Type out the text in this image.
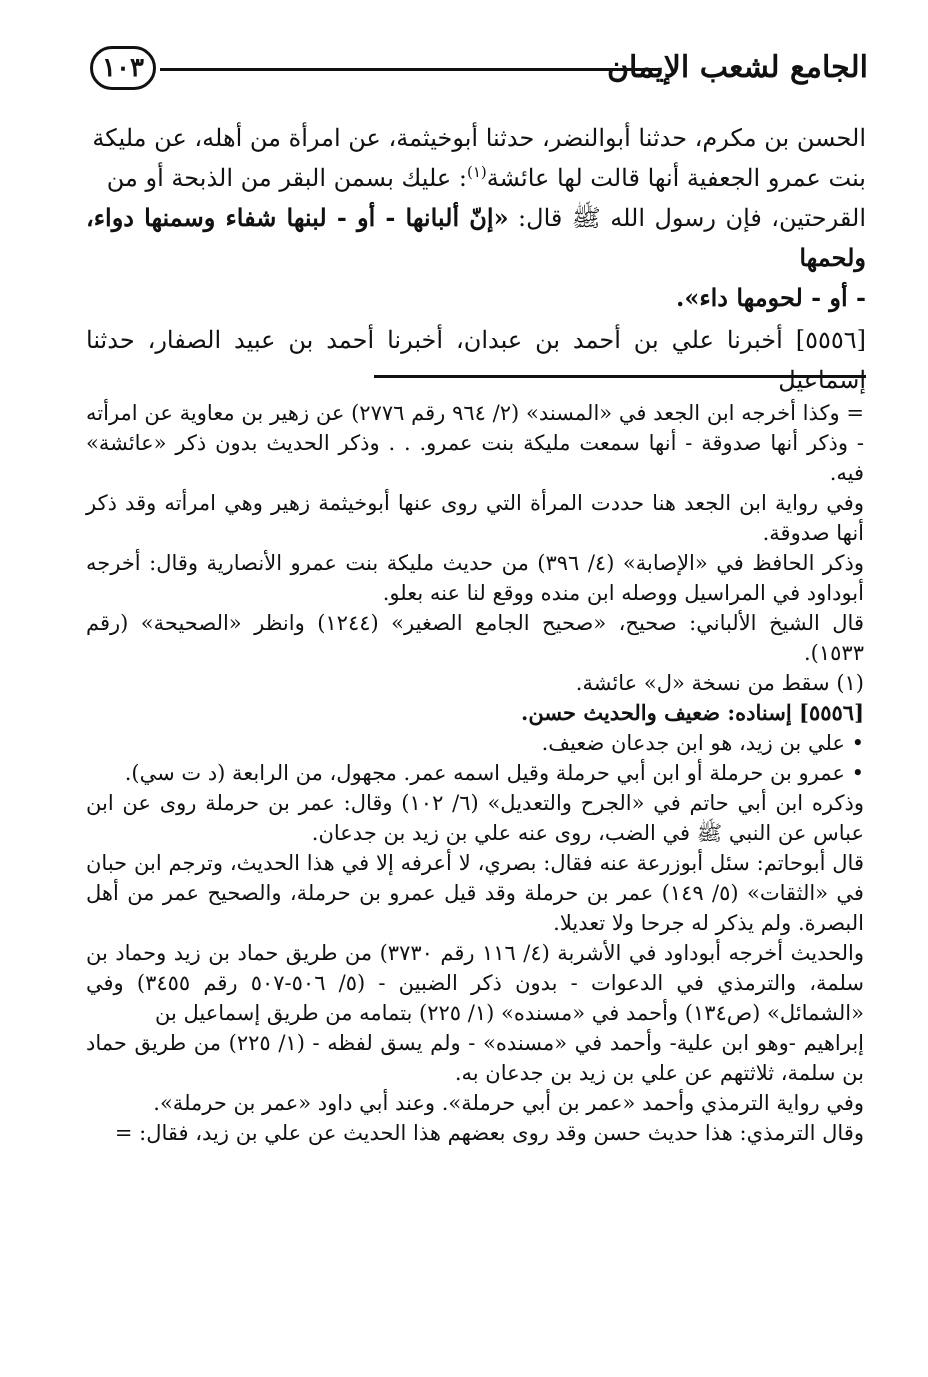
الجامع لشعب الإيمان
١٠٣

الحسن بن مكرم، حدثنا أبوالنضر، حدثنا أبوخيثمة، عن امرأة من أهله، عن مليكة

بنت عمرو الجعفية أنها قالت لها عائشة$^{(١)}$: عليك بسمن البقر من الذبحة أو من

القرحتين، فإن رسول الله ﷺ قال: «إنّ ألبانها - أو - لبنها شفاء وسمنها دواء، ولحمها

- أو - لحومها داء».

[٥٥٥٦] أخبرنا علي بن أحمد بن عبدان، أخبرنا أحمد بن عبيد الصفار، حدثنا إسماعيل

= وكذا أخرجه ابن الجعد في «المسند» (٢/ ٩٦٤ رقم ٢٧٧٦) عن زهير بن معاوية عن امرأته - وذكر أنها صدوقة - أنها سمعت مليكة بنت عمرو. . . وذكر الحديث بدون ذكر «عائشة» فيه.

وفي رواية ابن الجعد هنا حددت المرأة التي روى عنها أبوخيثمة زهير وهي امرأته وقد ذكر أنها صدوقة.

وذكر الحافظ في «الإصابة» (٤/ ٣٩٦) من حديث مليكة بنت عمرو الأنصارية وقال: أخرجه أبوداود في المراسيل ووصله ابن منده ووقع لنا عنه بعلو.

قال الشيخ الألباني: صحيح، «صحيح الجامع الصغير» (١٢٤٤) وانظر «الصحيحة» (رقم ١٥٣٣).

(١) سقط من نسخة «ل» عائشة.

[٥٥٥٦] إسناده: ضعيف والحديث حسن.

• علي بن زيد، هو ابن جدعان ضعيف.

• عمرو بن حرملة أو ابن أبي حرملة وقيل اسمه عمر. مجهول، من الرابعة (د ت سي).

وذكره ابن أبي حاتم في «الجرح والتعديل» (٦/ ١٠٢) وقال: عمر بن حرملة روى عن ابن عباس عن النبي ﷺ في الضب، روى عنه علي بن زيد بن جدعان.

قال أبوحاتم: سئل أبوزرعة عنه فقال: بصري، لا أعرفه إلا في هذا الحديث، وترجم ابن حبان في «الثقات» (٥/ ١٤٩) عمر بن حرملة وقد قيل عمرو بن حرملة، والصحيح عمر من أهل البصرة. ولم يذكر له جرحا ولا تعديلا.

والحديث أخرجه أبوداود في الأشربة (٤/ ١١٦ رقم ٣٧٣٠) من طريق حماد بن زيد وحماد بن سلمة، والترمذي في الدعوات - بدون ذكر الضبين - (٥/ ٥٠٦-٥٠٧ رقم ٣٤٥٥) وفي «الشمائل» (ص١٣٤) وأحمد في «مسنده» (١/ ٢٢٥) بتمامه من طريق إسماعيل بن

إبراهيم -وهو ابن علية- وأحمد في «مسنده» - ولم يسق لفظه - (١/ ٢٢٥) من طريق حماد بن سلمة، ثلاثتهم عن علي بن زيد بن جدعان به.

وفي رواية الترمذي وأحمد «عمر بن أبي حرملة». وعند أبي داود «عمر بن حرملة».

وقال الترمذي: هذا حديث حسن وقد روى بعضهم هذا الحديث عن علي بن زيد، فقال: =
